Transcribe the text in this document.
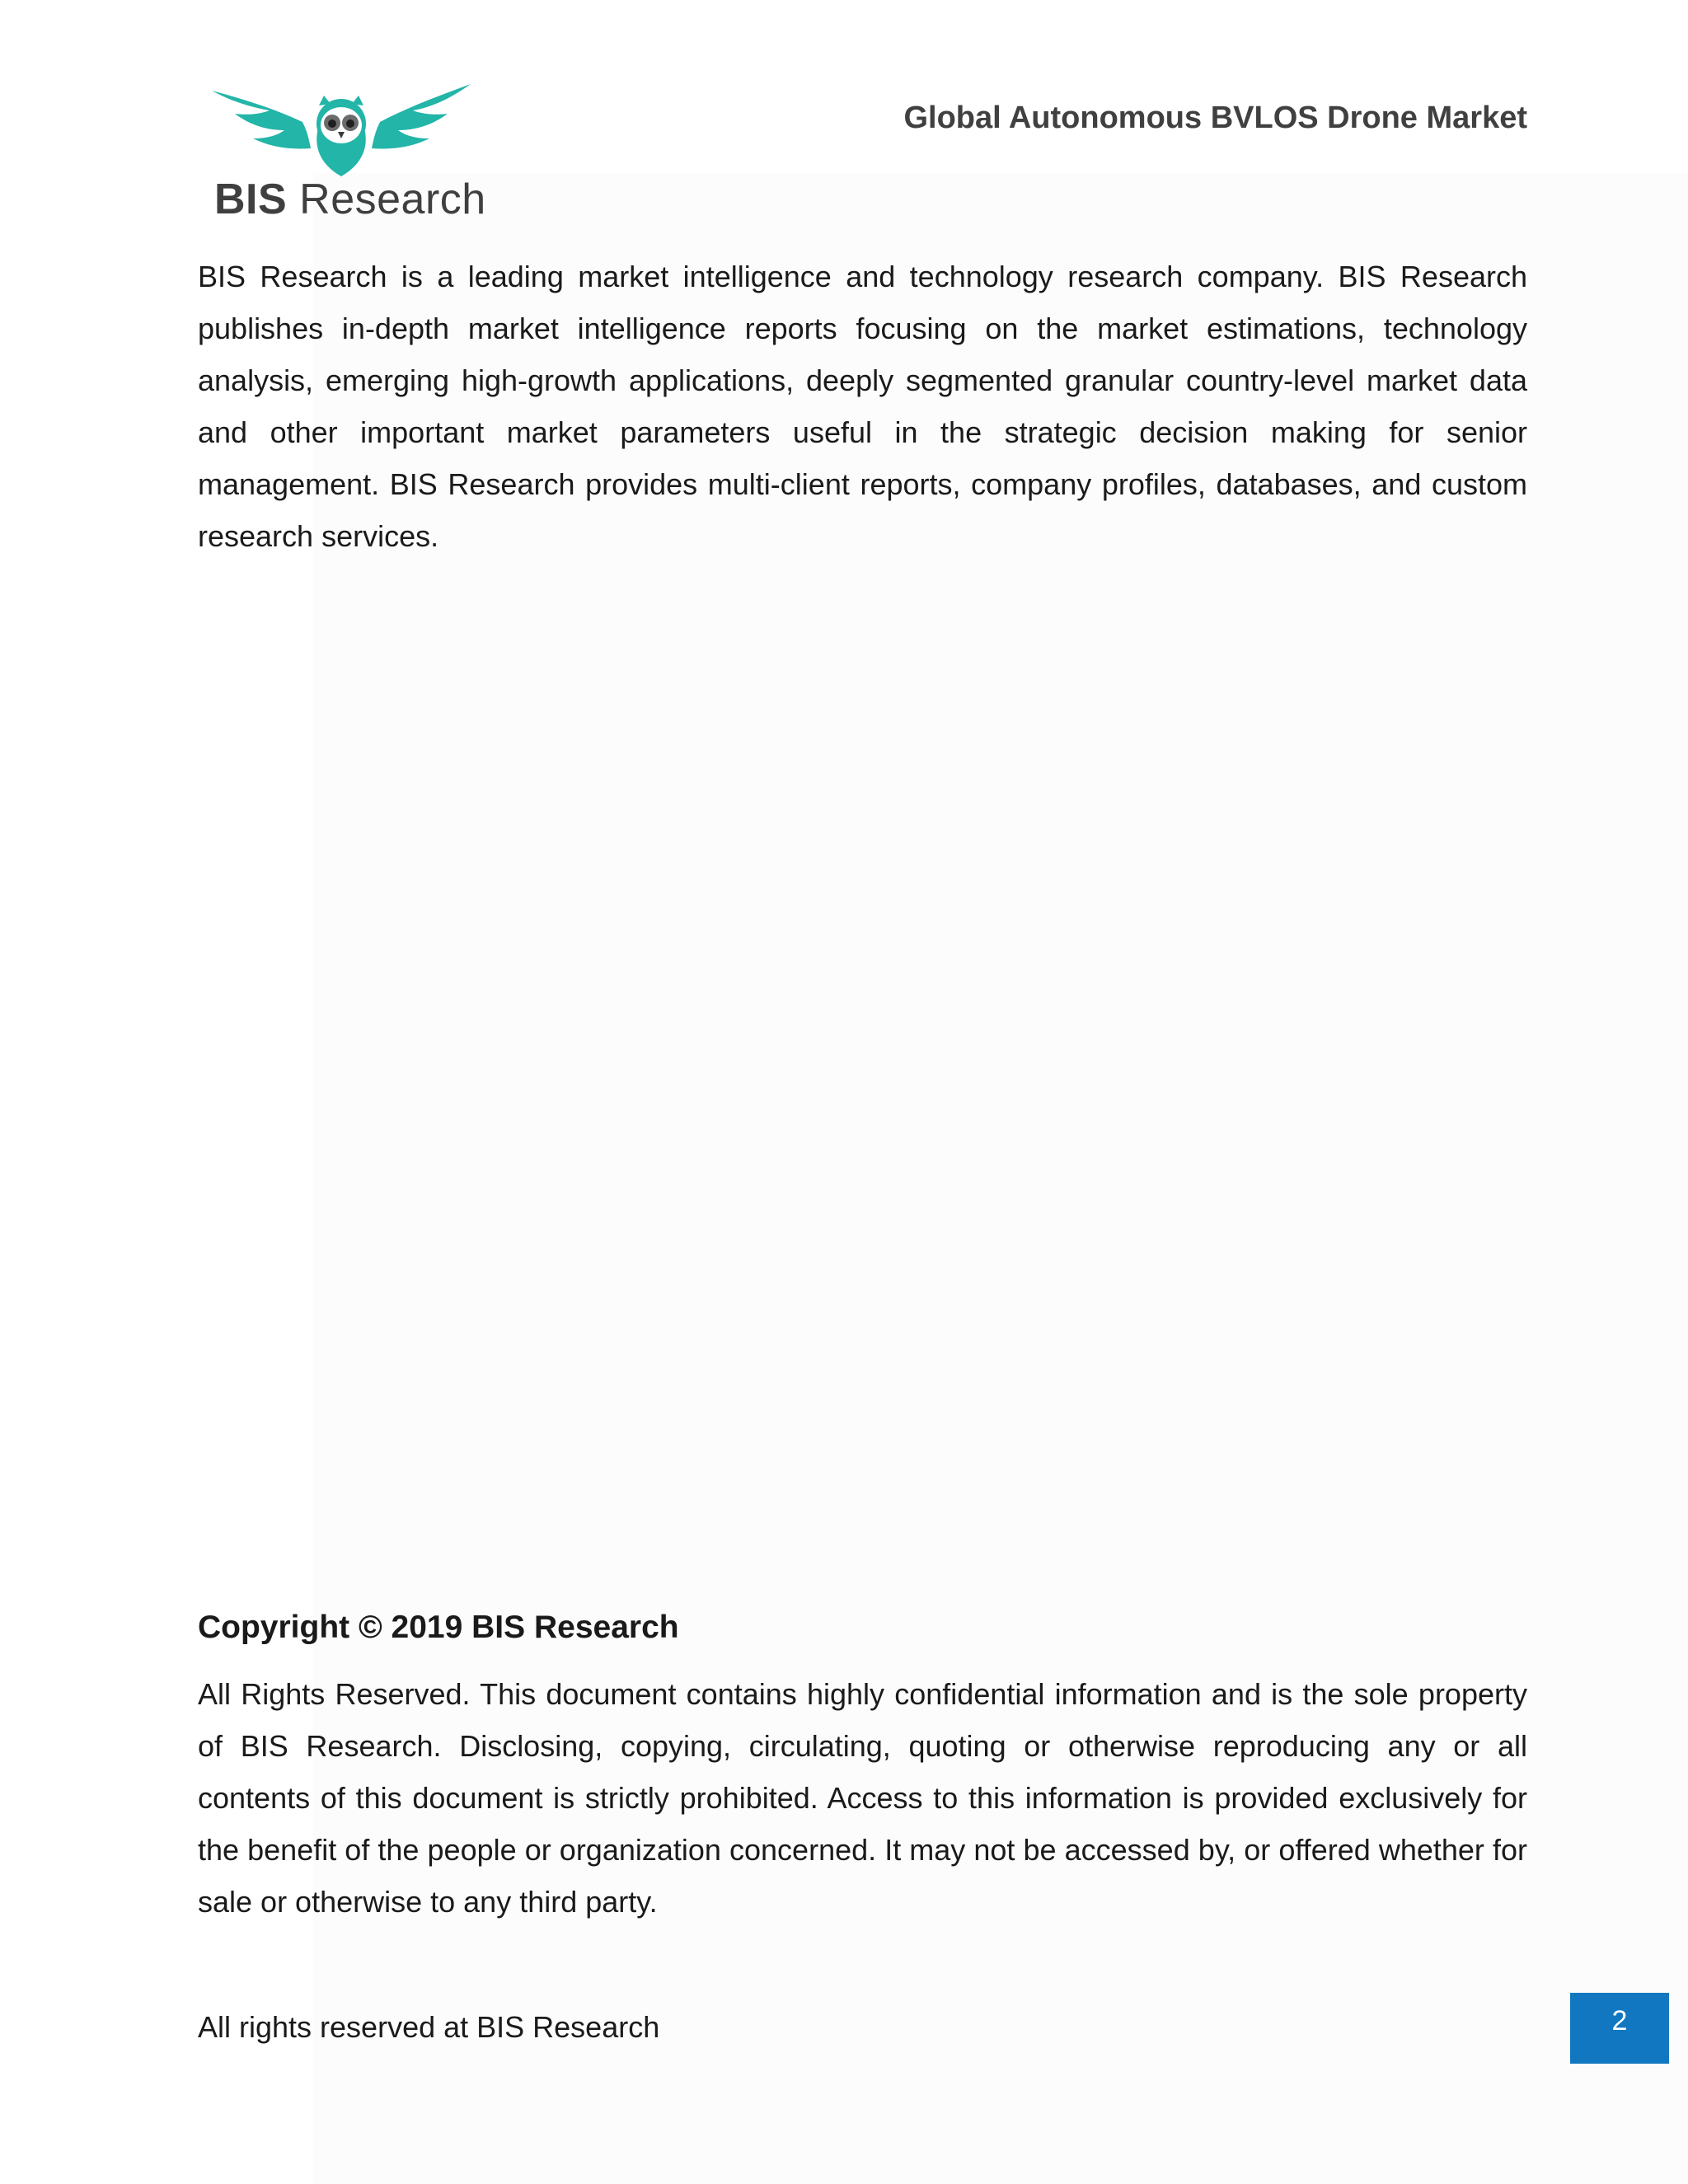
BIS Research
Global Autonomous BVLOS Drone Market

BIS Research is a leading market intelligence and technology research company. BIS Research publishes in-depth market intelligence reports focusing on the market estimations, technology analysis, emerging high-growth applications, deeply segmented granular country-level market data and other important market parameters useful in the strategic decision making for senior management. BIS Research provides multi-client reports, company profiles, databases, and custom research services.

Copyright © 2019 BIS Research

All Rights Reserved. This document contains highly confidential information and is the sole property of BIS Research. Disclosing, copying, circulating, quoting or otherwise reproducing any or all contents of this document is strictly prohibited. Access to this information is provided exclusively for the benefit of the people or organization concerned. It may not be accessed by, or offered whether for sale or otherwise to any third party.

All rights reserved at BIS Research	2
